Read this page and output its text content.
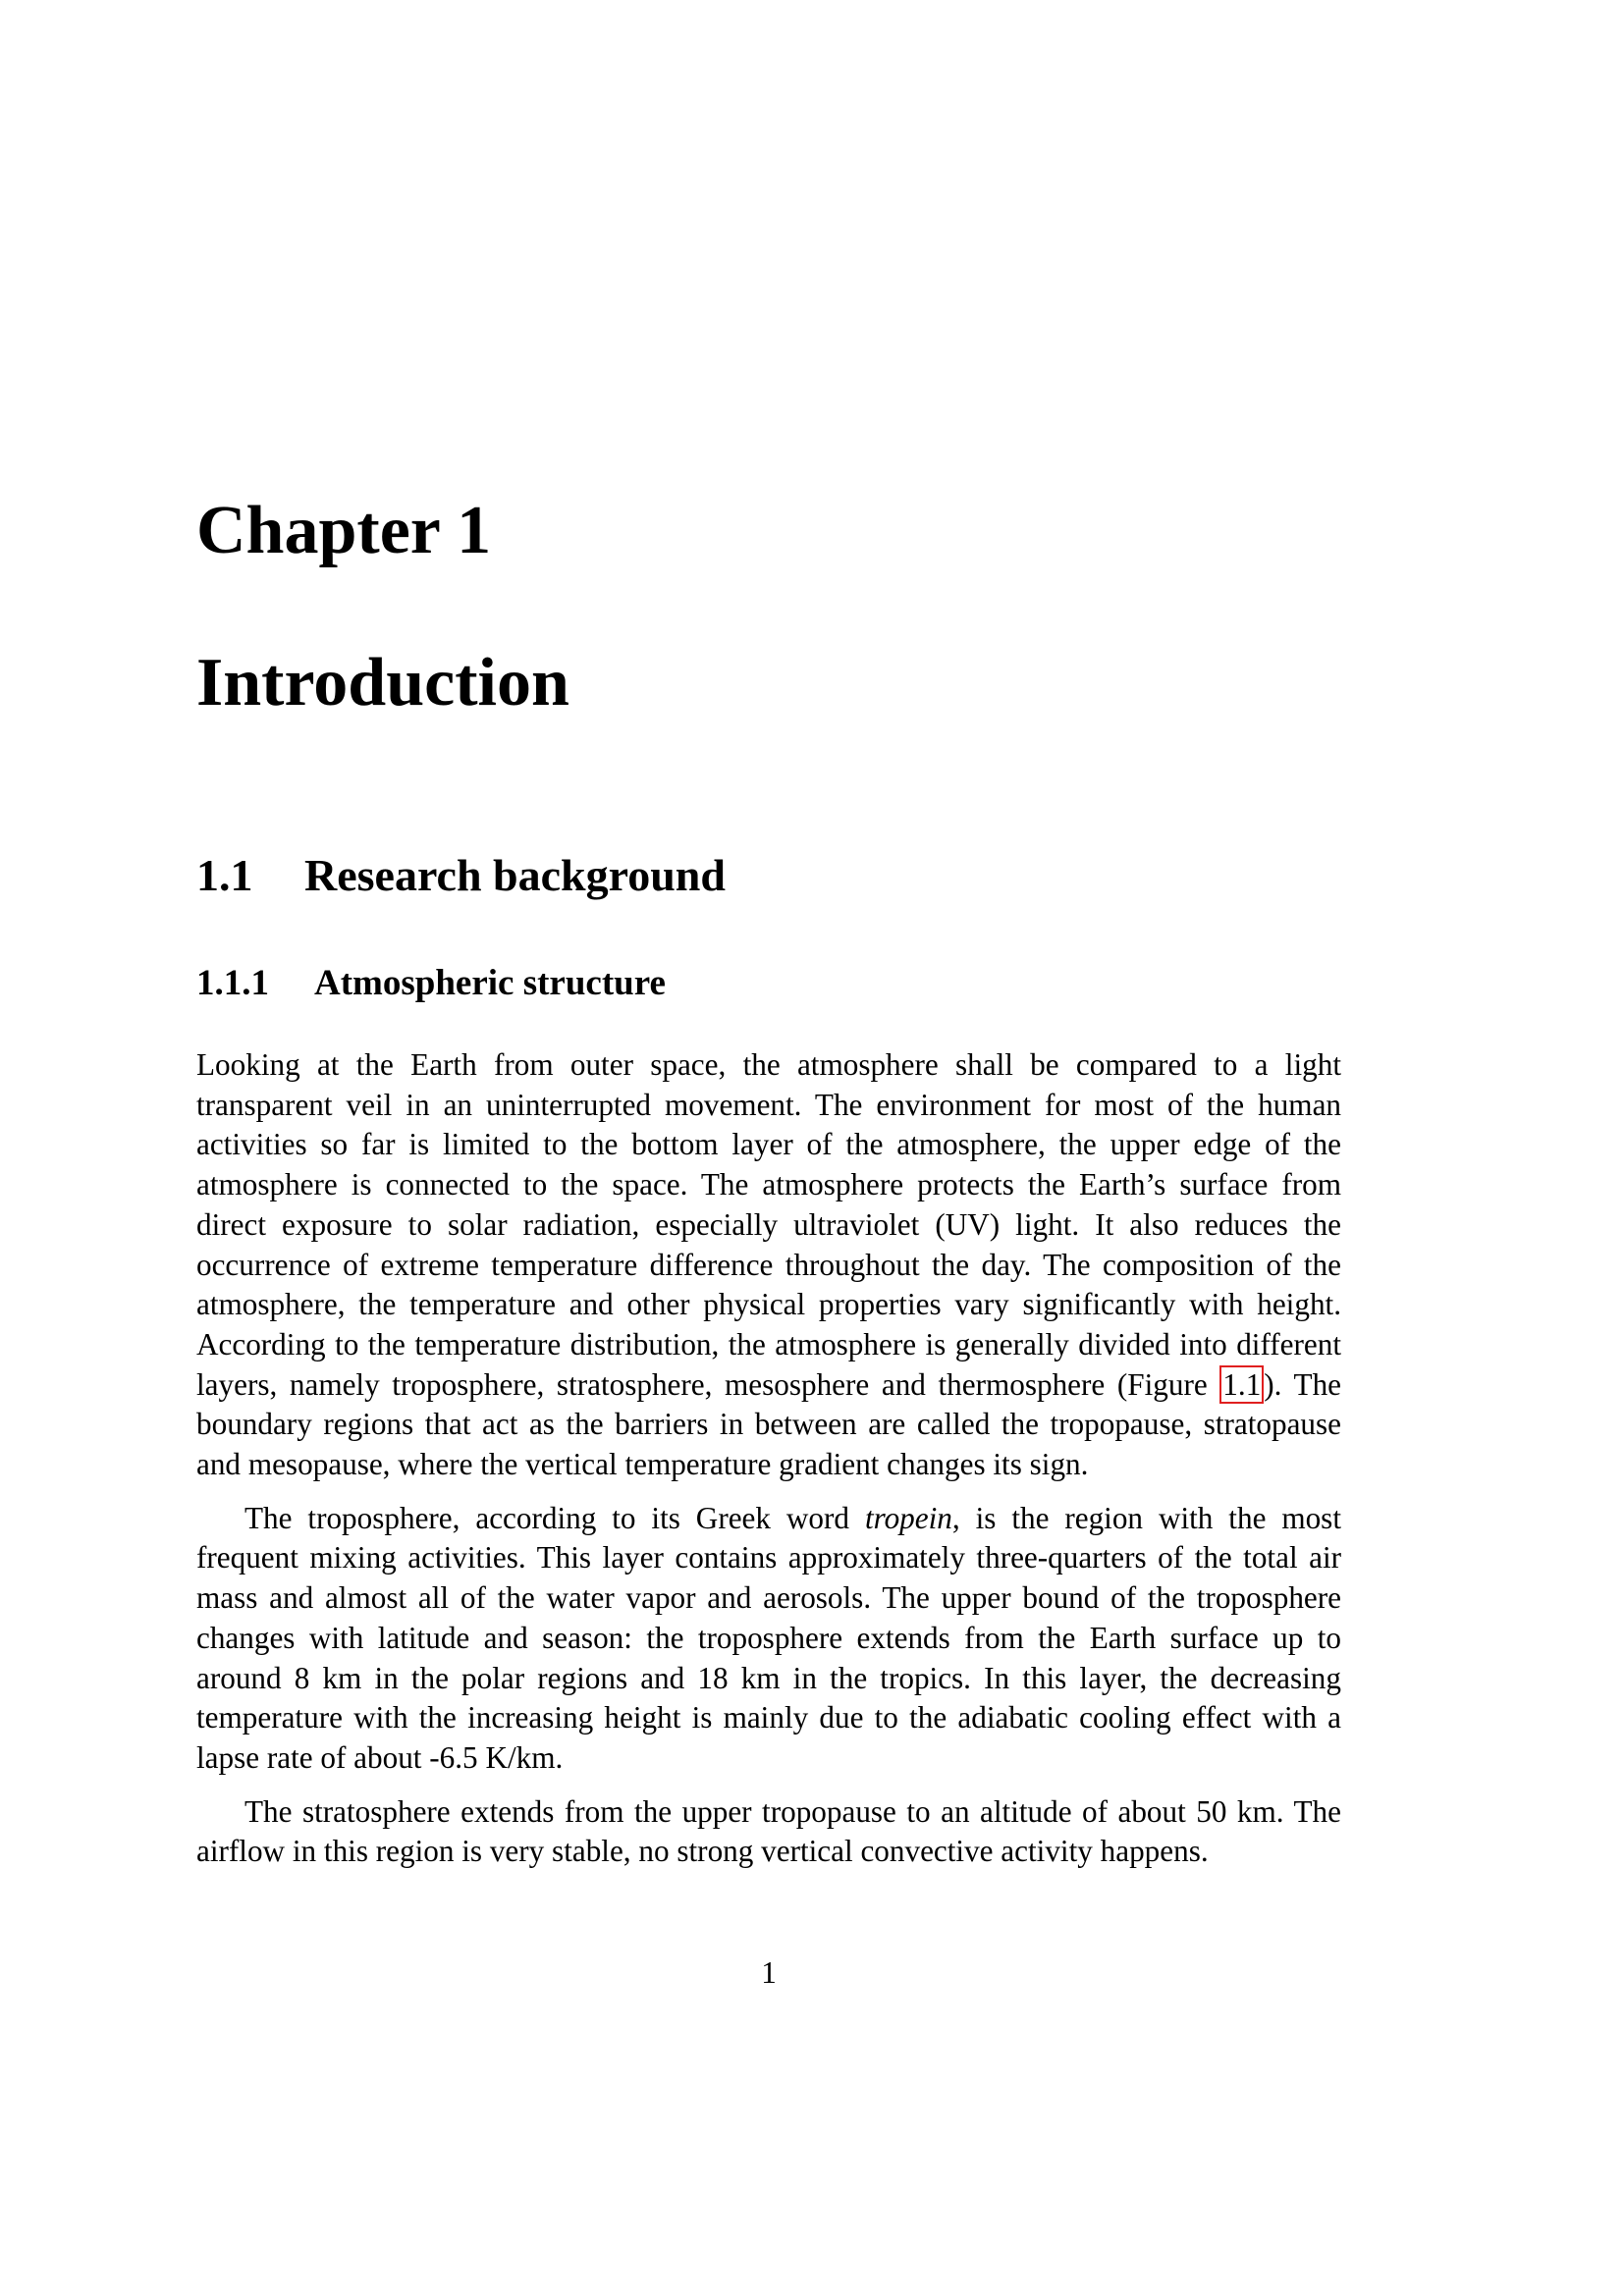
Chapter 1
Introduction
1.1 Research background
1.1.1 Atmospheric structure

Looking at the Earth from outer space, the atmosphere shall be compared to a light transparent veil in an uninterrupted movement. The environment for most of the human activities so far is limited to the bottom layer of the atmosphere, the upper edge of the atmosphere is connected to the space. The atmosphere protects the Earth’s surface from direct exposure to solar radiation, especially ultraviolet (UV) light. It also reduces the occurrence of extreme temperature difference throughout the day. The composition of the atmosphere, the temperature and other physical properties vary significantly with height. According to the temperature distribution, the atmosphere is generally divided into different layers, namely troposphere, stratosphere, mesosphere and thermosphere (Figure 1.1). The boundary regions that act as the barriers in between are called the tropopause, stratopause and mesopause, where the vertical temperature gradient changes its sign.

The troposphere, according to its Greek word tropein, is the region with the most frequent mixing activities. This layer contains approximately three-quarters of the total air mass and almost all of the water vapor and aerosols. The upper bound of the troposphere changes with latitude and season: the troposphere extends from the Earth surface up to around 8 km in the polar regions and 18 km in the tropics. In this layer, the decreasing temperature with the increasing height is mainly due to the adiabatic cooling effect with a lapse rate of about -6.5 K/km.

The stratosphere extends from the upper tropopause to an altitude of about 50 km. The airflow in this region is very stable, no strong vertical convective activity happens.

1
